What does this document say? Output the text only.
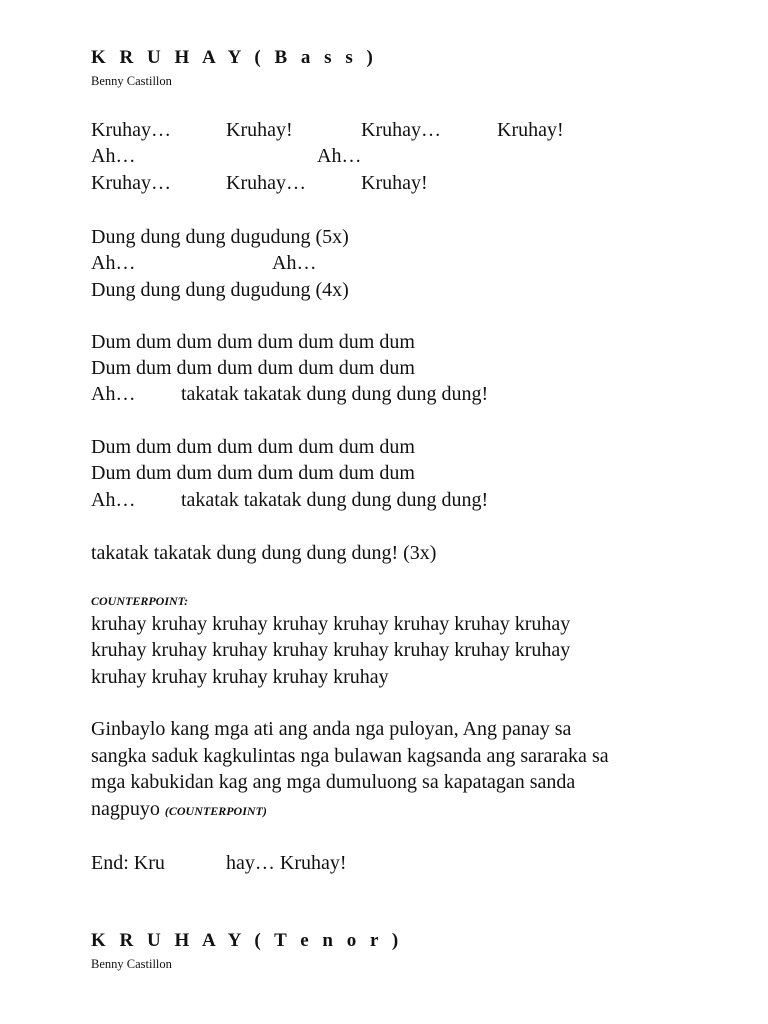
K R U H A Y ( B a s s )

Benny Castillon

Kruhay…	Kruhay!	Kruhay…	Kruhay!
Ah…	Ah…
Kruhay…	Kruhay…	Kruhay!

Dung dung dung dugudung (5x)

Ah…	Ah…

Dung dung dung dugudung (4x)

Dum dum dum dum dum dum dum dum

Dum dum dum dum dum dum dum dum

Ah… takatak takatak dung dung dung dung!

Dum dum dum dum dum dum dum dum

Dum dum dum dum dum dum dum dum

Ah… takatak takatak dung dung dung dung!

takatak takatak dung dung dung dung! (3x)

COUNTERPOINT:

kruhay kruhay kruhay kruhay kruhay kruhay kruhay kruhay

kruhay kruhay kruhay kruhay kruhay kruhay kruhay kruhay

kruhay kruhay kruhay kruhay kruhay

Ginbaylo kang mga ati ang anda nga puloyan, Ang panay sa

sangka saduk kagkulintas nga bulawan kagsanda ang sararaka sa

mga kabukidan kag ang mga dumuluong sa kapatagan sanda

nagpuyo (COUNTERPOINT)

End: Kru	hay… Kruhay!
K R U H A Y ( T e n o r )

Benny Castillon
